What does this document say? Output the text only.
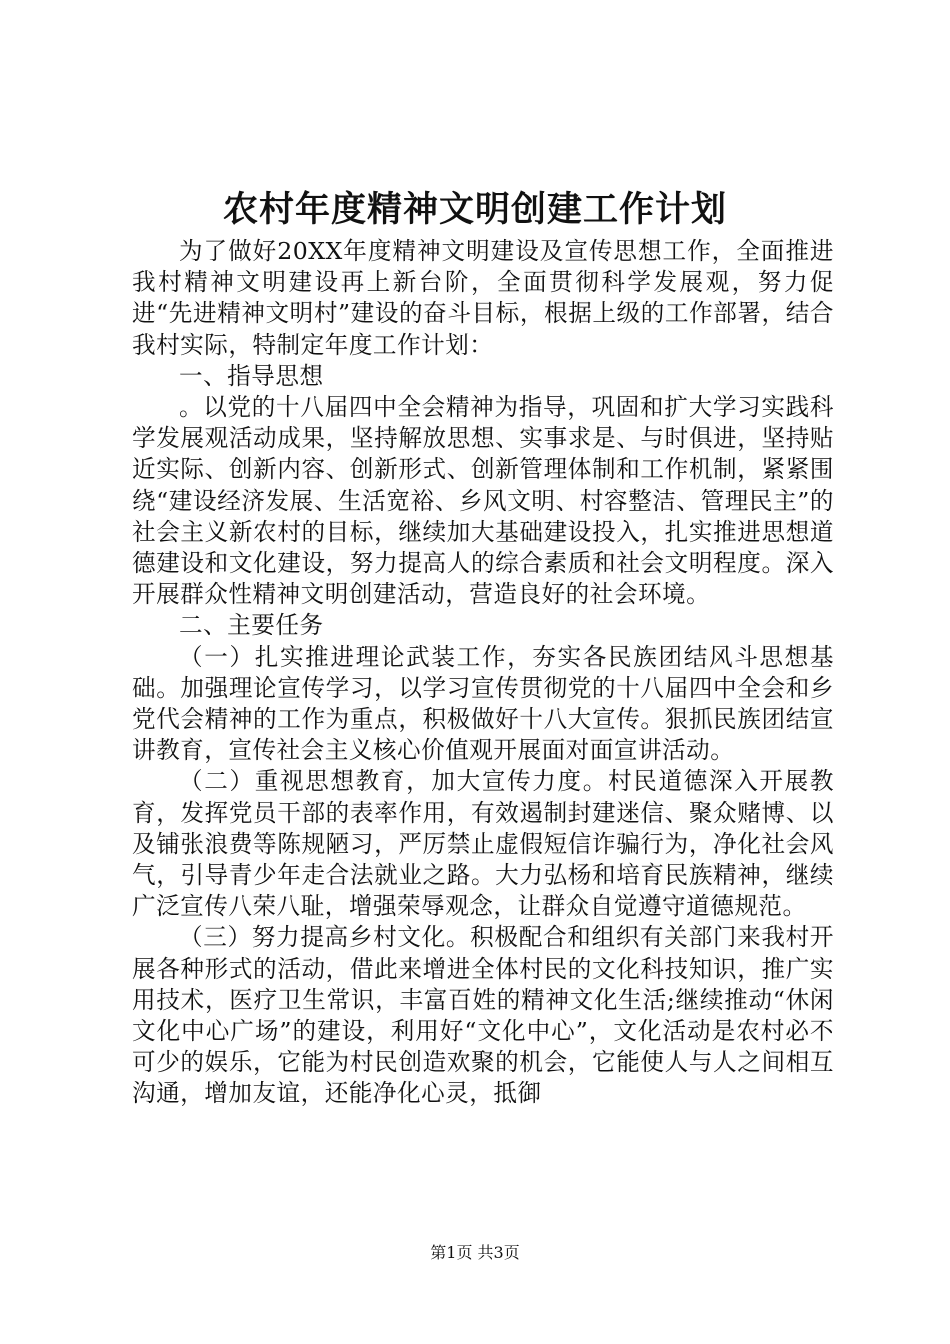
农村年度精神文明创建工作计划

为了做好20XX年度精神文明建设及宣传思想工作，全面推进我村精神文明建设再上新台阶，全面贯彻科学发展观，努力促进“先进精神文明村”建设的奋斗目标，根据上级的工作部署，结合我村实际，特制定年度工作计划：

一、指导思想

。以党的十八届四中全会精神为指导，巩固和扩大学习实践科学发展观活动成果，坚持解放思想、实事求是、与时俱进，坚持贴近实际、创新内容、创新形式、创新管理体制和工作机制，紧紧围绕“建设经济发展、生活宽裕、乡风文明、村容整洁、管理民主”的社会主义新农村的目标，继续加大基础建设投入，扎实推进思想道德建设和文化建设，努力提高人的综合素质和社会文明程度。深入开展群众性精神文明创建活动，营造良好的社会环境。

二、主要任务

（一）扎实推进理论武装工作，夯实各民族团结风斗思想基础。加强理论宣传学习，以学习宣传贯彻党的十八届四中全会和乡党代会精神的工作为重点，积极做好十八大宣传。狠抓民族团结宣讲教育，宣传社会主义核心价值观开展面对面宣讲活动。

（二）重视思想教育，加大宣传力度。村民道德深入开展教育，发挥党员干部的表率作用，有效遏制封建迷信、聚众赌博、以及铺张浪费等陈规陋习，严厉禁止虚假短信诈骗行为，净化社会风气，引导青少年走合法就业之路。大力弘杨和培育民族精神，继续广泛宣传八荣八耻，增强荣辱观念，让群众自觉遵守道德规范。

（三）努力提高乡村文化。积极配合和组织有关部门来我村开展各种形式的活动，借此来增进全体村民的文化科技知识，推广实用技术，医疗卫生常识，丰富百姓的精神文化生活;继续推动“休闲文化中心广场”的建设，利用好“文化中心”，文化活动是农村必不可少的娱乐，它能为村民创造欢聚的机会，它能使人与人之间相互沟通，增加友谊，还能净化心灵，抵御

第1页 共3页
